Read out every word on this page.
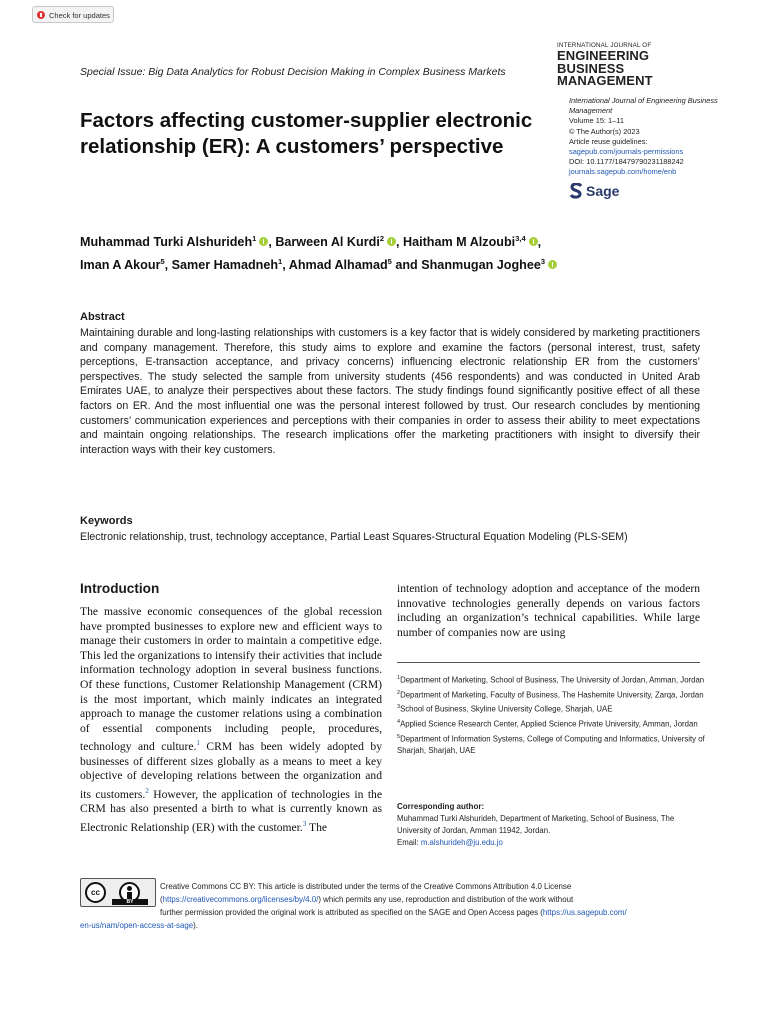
Check for updates
Special Issue: Big Data Analytics for Robust Decision Making in Complex Business Markets
INTERNATIONAL JOURNAL OF
ENGINEERING BUSINESS
MANAGEMENT
Factors affecting customer-supplier electronic relationship (ER): A customers’ perspective
International Journal of Engineering Business Management
Volume 15: 1–11
© The Author(s) 2023
Article reuse guidelines:
sagepub.com/journals-permissions
DOI: 10.1177/18479790231188242
journals.sagepub.com/home/enb
Sage
Muhammad Turki Alshurideh$^1$ , Barween Al Kurdi$^2$ , Haitham M Alzoubi$^{3,4}$ ,
Iman A Akour$^5$, Samer Hamadneh$^1$, Ahmad Alhamad$^5$ and Shanmugan Joghee$^3$
Abstract
Maintaining durable and long-lasting relationships with customers is a key factor that is widely considered by marketing practitioners and company management. Therefore, this study aims to explore and examine the factors (personal interest, trust, safety perceptions, E-transaction acceptance, and privacy concerns) influencing electronic relationship ER from the customers’ perspectives. The study selected the sample from university students (456 respondents) and was conducted in United Arab Emirates UAE, to analyze their perspectives about these factors. The study findings found significantly positive effect of all these factors on ER. And the most influential one was the personal interest followed by trust. Our research concludes by mentioning customers’ communication experiences and perceptions with their companies in order to assess their ability to meet expectations and maintain ongoing relationships. The research implications offer the marketing practitioners with insight to diversify their interaction ways with their key customers.
Keywords
Electronic relationship, trust, technology acceptance, Partial Least Squares-Structural Equation Modeling (PLS-SEM)
Introduction
The massive economic consequences of the global recession have prompted businesses to explore new and efficient ways to manage their customers in order to maintain a competitive edge. This led the organizations to intensify their activities that include information technology adoption in several business functions. Of these functions, Customer Relationship Management (CRM) is the most important, which mainly indicates an integrated approach to manage the customer relations using a combination of essential components including people, procedures, technology and culture.$^1$ CRM has been widely adopted by businesses of different sizes globally as a means to meet a key objective of developing relations between the organization and its customers.$^2$ However, the application of technologies in the CRM has also presented a birth to what is currently known as Electronic Relationship (ER) with the customer.$^3$ The
intention of technology adoption and acceptance of the modern innovative technologies generally depends on various factors including an organization’s technical capabilities. While large number of companies now are using
$^1$Department of Marketing, School of Business, The University of Jordan, Amman, Jordan
$^2$Department of Marketing, Faculty of Business, The Hashemite University, Zarqa, Jordan
$^3$School of Business, Skyline University College, Sharjah, UAE
$^4$Applied Science Research Center, Applied Science Private University, Amman, Jordan
$^5$Department of Information Systems, College of Computing and Informatics, University of Sharjah, Sharjah, UAE
Corresponding author:
Muhammad Turki Alshurideh, Department of Marketing, School of Business, The University of Jordan, Amman 11942, Jordan.
Email: m.alshurideh@ju.edu.jo
cc
BY
Creative Commons CC BY: This article is distributed under the terms of the Creative Commons Attribution 4.0 License
(https://creativecommons.org/licenses/by/4.0/) which permits any use, reproduction and distribution of the work without
further permission provided the original work is attributed as specified on the SAGE and Open Access pages (https://us.sagepub.com/
en-us/nam/open-access-at-sage).
